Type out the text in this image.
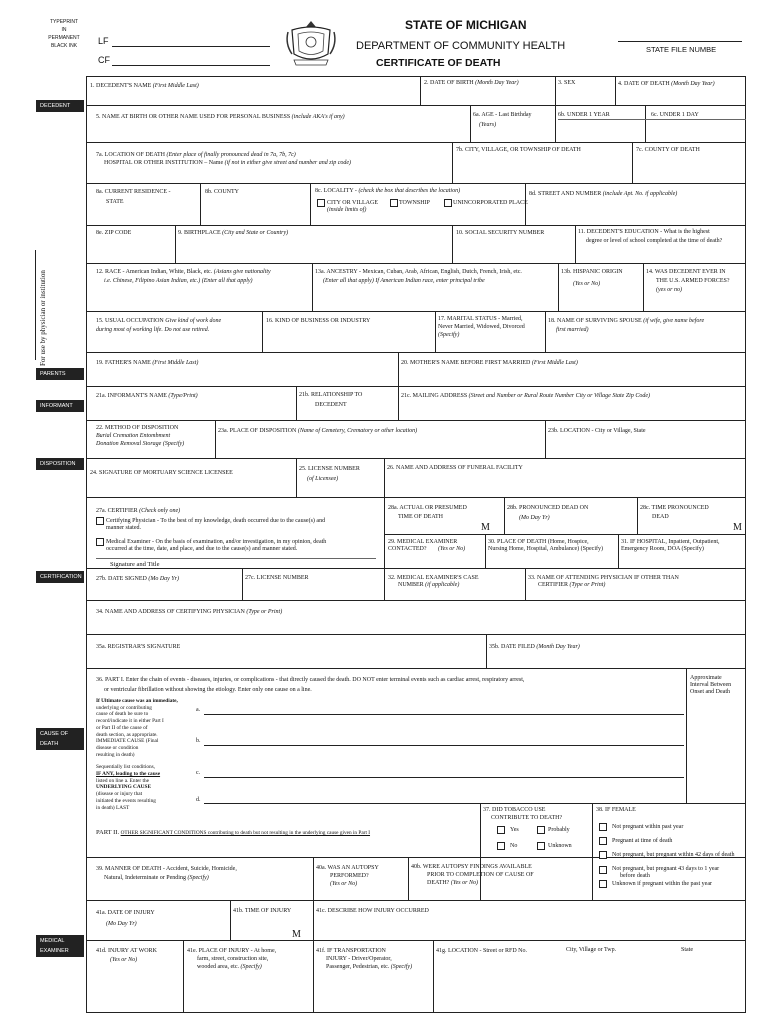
TYPEPRINT
IN
PERMANENT
BLACK INK	LF
CF
STATE OF MICHIGAN
DEPARTMENT OF COMMUNITY HEALTH
CERTIFICATE OF DEATH
STATE FILE NUMBE
For use by physician or institution
DECEDENT
PARENTS
INFORMANT
DISPOSITION
CERTIFICATION
CAUSE OF
DEATH
MEDICAL
EXAMINER
1. DECEDENT'S NAME (First Middle Last)	2. DATE OF BIRTH (Month Day Year)	3. SEX	4. DATE OF DEATH (Month Day Year)
5. NAME AT BIRTH OR OTHER NAME USED FOR PERSONAL BUSINESS (include AKA's if any)	6a. AGE - Last Birthday
(Years)
6b. UNDER 1 YEAR	6c. UNDER 1 DAY
7a. LOCATION OF DEATH (Enter place of finally pronounced dead in 7a, 7b, 7c)
HOSPITAL OR OTHER INSTITUTION – Name (if not in either give street and number and zip code)
7b. CITY, VILLAGE, OR TOWNSHIP OF DEATH	7c. COUNTY OF DEATH
8a. CURRENT RESIDENCE -
STATE
8b. COUNTY	8c. LOCALITY - (check the box that describes the location)
CITY OR VILLAGE
(inside limits of)
TOWNSHIP	UNINCORPORATED PLACE
8d. STREET AND NUMBER (include Apt. No. if applicable)
8e. ZIP CODE	9. BIRTHPLACE (City and State or Country)	10. SOCIAL SECURITY NUMBER	11. DECEDENT'S EDUCATION - What is the highest
degree or level of school completed at the time of death?
12. RACE - American Indian, White, Black, etc. (Asians give nationality
i.e. Chinese, Filipino Asian Indian, etc.) (Enter all that apply)
13a. ANCESTRY - Mexican, Cuban, Arab, African, English, Dutch, French, Irish, etc.
(Enter all that apply) If American Indian race, enter principal tribe
13b. HISPANIC ORIGIN
(Yes or No)
14. WAS DECEDENT EVER IN
THE U.S. ARMED FORCES?
(yes or no)
15. USUAL OCCUPATION Give kind of work done
during most of working life. Do not use retired.
16. KIND OF BUSINESS OR INDUSTRY	17. MARITAL STATUS - Married,
Never Married, Widowed, Divorced
(Specify)
18. NAME OF SURVIVING SPOUSE (if wife, give name before
first married)
19. FATHER'S NAME (First Middle Last)	20. MOTHER'S NAME BEFORE FIRST MARRIED (First Middle Last)
21a. INFORMANT'S NAME (Type/Print)	21b. RELATIONSHIP TO
DECEDENT
21c. MAILING ADDRESS (Street and Number or Rural Route Number City or Village State Zip Code)
22. METHOD OF DISPOSITION
Burial Cremation Entombment
Donation Removal Storage (Specify)
23a. PLACE OF DISPOSITION (Name of Cemetery, Crematory or other location)	23b. LOCATION - City or Village, State
24. SIGNATURE OF MORTUARY SCIENCE LICENSEE
25. LICENSE NUMBER
(of Licensee)
26. NAME AND ADDRESS OF FUNERAL FACILITY
27a. CERTIFIER (Check only one)
Certifying Physician - To the best of my knowledge, death occurred due to the cause(s) and
manner stated.
Medical Examiner - On the basis of examination, and/or investigation, in my opinion, death
occurred at the time, date, and place, and due to the cause(s) and manner stated.
Signature and Title
28a. ACTUAL OR PRESUMED
TIME OF DEATH
M
28b. PRONOUNCED DEAD ON
(Mo Day Yr)
28c. TIME PRONOUNCED
DEAD
M
29. MEDICAL EXAMINER
CONTACTED? (Yes or No)
30. PLACE OF DEATH (Home, Hospice,
Nursing Home, Hospital, Ambulance) (Specify)
31. IF HOSPITAL, Inpatient, Outpatient,
Emergency Room, DOA (Specify)
27b. DATE SIGNED (Mo Day Yr)	27c. LICENSE NUMBER	32. MEDICAL EXAMINER'S CASE
NUMBER (if applicable)
33. NAME OF ATTENDING PHYSICIAN IF OTHER THAN
CERTIFIER (Type or Print)
34. NAME AND ADDRESS OF CERTIFYING PHYSICIAN (Type or Print)
35a. REGISTRAR'S SIGNATURE	35b. DATE FILED (Month Day Year)
36. PART I. Enter the chain of events - diseases, injuries, or complications - that directly caused the death. DO NOT enter terminal events such as cardiac arrest, respiratory arrest,
or ventricular fibrillation without showing the etiology. Enter only one cause on a line.
Approximate
Interval Between
Onset and Death
If Ultimate cause was an immediate,
underlying or contributing
cause of death be sure to
record/indicate it in either Part I
or Part II of the cause of
death section, as appropriate.
IMMEDIATE CAUSE (Final
disease or condition
resulting in death)
Sequentially list conditions,
IF ANY, leading to the cause
listed on line a. Enter the
UNDERLYING CAUSE
(disease or injury that
initiated the events resulting
in death) LAST
a.
b.
c.
d.
PART II. OTHER SIGNIFICANT CONDITIONS contributing to death but not resulting in the underlying cause given in Part I
37. DID TOBACCO USE
CONTRIBUTE TO DEATH?
Yes	Probably
No	Unknown
38. IF FEMALE
Not pregnant within past year
Pregnant at time of death
Not pregnant, but pregnant within 42 days of death
Not pregnant, but pregnant 43 days to 1 year
before death
Unknown if pregnant within the past year
39. MANNER OF DEATH - Accident, Suicide, Homicide,
Natural, Indeterminate or Pending (Specify)
40a. WAS AN AUTOPSY
PERFORMED?
(Yes or No)
40b. WERE AUTOPSY FINDINGS AVAILABLE
PRIOR TO COMPLETION OF CAUSE OF
DEATH? (Yes or No)
41a. DATE OF INJURY
(Mo Day Yr)
41b. TIME OF INJURY
M
41c. DESCRIBE HOW INJURY OCCURRED
41d. INJURY AT WORK
(Yes or No)
41e. PLACE OF INJURY - At home,
farm, street, construction site,
wooded area, etc. (Specify)
41f. IF TRANSPORTATION
INJURY - Driver/Operator,
Passenger, Pedestrian, etc. (Specify)
41g. LOCATION - Street or RFD No.	City, Village or Twp.	State
